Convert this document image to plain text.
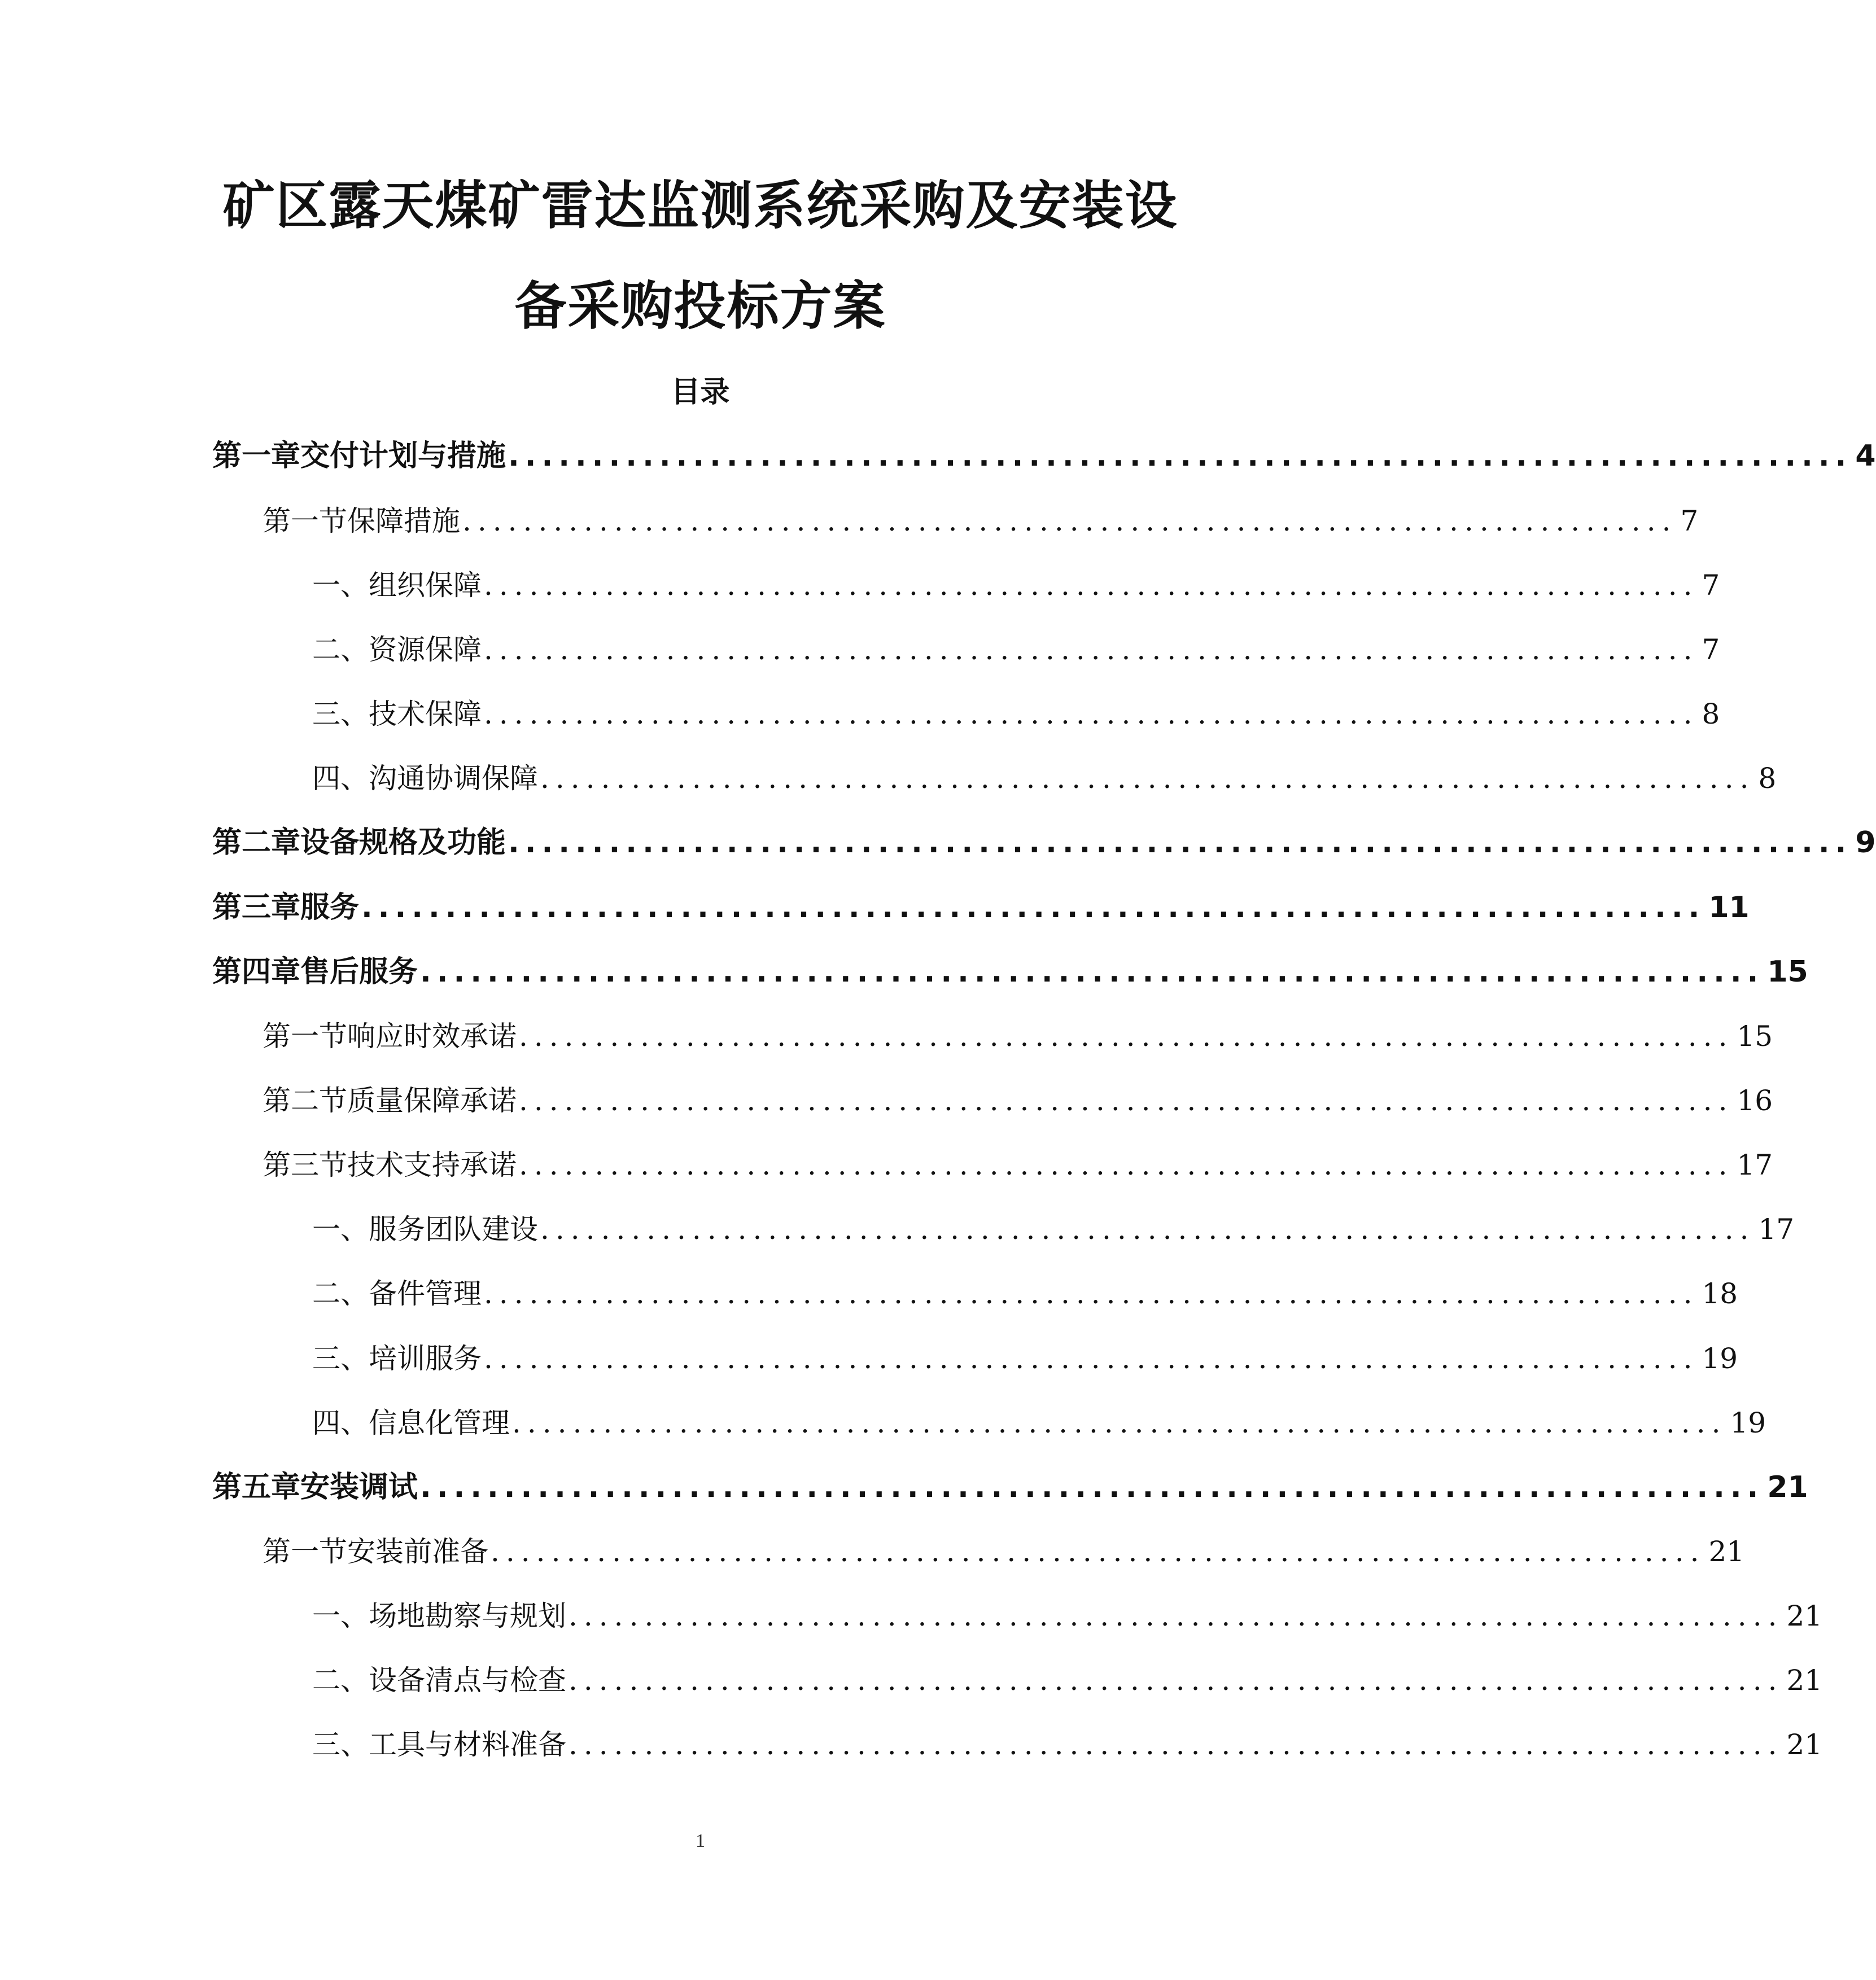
矿区露天煤矿雷达监测系统采购及安装设
备采购投标方案
目录
第一章 交付计划与措施 ................................................................................ 4
第一节 保障措施 ................................................................................ 7
一、 组织保障 ................................................................................ 7
二、 资源保障 ................................................................................ 7
三、 技术保障 ................................................................................ 8
四、 沟通协调保障 ................................................................................ 8
第二章 设备规格及功能 ................................................................................ 9
第三章 服务 ................................................................................ 11
第四章 售后服务 ................................................................................ 15
第一节 响应时效承诺 ................................................................................ 15
第二节 质量保障承诺 ................................................................................ 16
第三节 技术支持承诺 ................................................................................ 17
一、 服务团队建设 ................................................................................ 17
二、 备件管理 ................................................................................ 18
三、 培训服务 ................................................................................ 19
四、 信息化管理 ................................................................................ 19
第五章 安装调试 ................................................................................ 21
第一节 安装前准备 ................................................................................ 21
一、 场地勘察与规划 ................................................................................ 21
二、 设备清点与检查 ................................................................................ 21
三、 工具与材料准备 ................................................................................ 21
1
